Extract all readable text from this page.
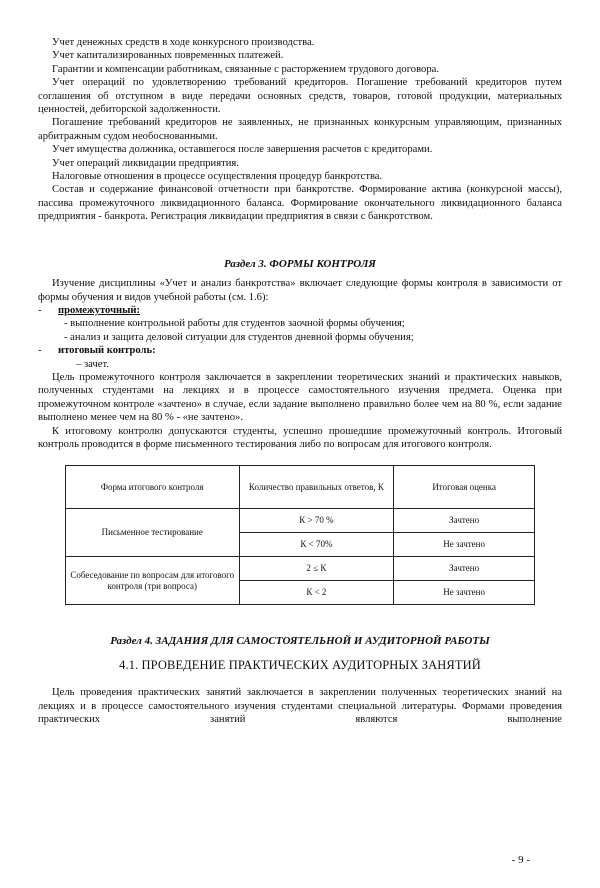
Учет денежных средств в ходе конкурсного производства.

Учет капитализированных повременных платежей.

Гарантии и компенсации работникам, связанные с расторжением трудового договора.

Учет операций по удовлетворению требований кредиторов. Погашение требований кредиторов путем соглашения об отступном в виде передачи основных средств, товаров, готовой продукции, материальных ценностей, дебиторской задолженности.

Погашение требований кредиторов не заявленных, не признанных конкурсным управляющим, признанных арбитражным судом необоснованными.

Учет имущества должника, оставшегося после завершения расчетов с кредиторами.

Учет операций ликвидации предприятия.

Налоговые отношения в процессе осуществления процедур банкротства.

Состав и содержание финансовой отчетности при банкротстве. Формирование актива (конкурсной массы), пассива промежуточного ликвидационного баланса. Формирование окончательного ликвидационного баланса предприятия - банкрота. Регистрация ликвидации предприятия в связи с банкротством.

Раздел 3. ФОРМЫ КОНТРОЛЯ

Изучение дисциплины «Учет и анализ банкротства» включает следующие формы контроля в зависимости от формы обучения и видов учебной работы (см. 1.6):

- промежуточный:

- выполнение контрольной работы для студентов заочной формы обучения;

- анализ и защита деловой ситуации для студентов дневной формы обучения;

- итоговый контроль:

– зачет.

Цель промежуточного контроля заключается в закреплении теоретических знаний и практических навыков, полученных студентами на лекциях и в процессе самостоятельного изучения предмета. Оценка при промежуточном контроле «зачтено» в случае, если задание выполнено правильно более чем на 80 %, если задание выполнено менее чем на 80 % - «не зачтено».

К итоговому контролю допускаются студенты, успешно прошедшие промежуточный контроль. Итоговый контроль проводится в форме письменного тестирования либо по вопросам для итогового контроля.

Форма итогового контроля	Количество правильных ответов, К	Итоговая оценка
Письменное тестирование	К > 70 %	Зачтено
	К < 70%	Не зачтено
Собеседование по вопросам для итогового контроля (три вопроса)	2 ≤ К	Зачтено
	К < 2	Не зачтено
Раздел 4. ЗАДАНИЯ ДЛЯ САМОСТОЯТЕЛЬНОЙ И АУДИТОРНОЙ РАБОТЫ
4.1. ПРОВЕДЕНИЕ ПРАКТИЧЕСКИХ АУДИТОРНЫХ ЗАНЯТИЙ

Цель проведения практических занятий заключается в закреплении полученных теоретических знаний на лекциях и в процессе самостоятельного изучения студентами специальной литературы. Формами проведения практических занятий являются выполнение

- 9 -
